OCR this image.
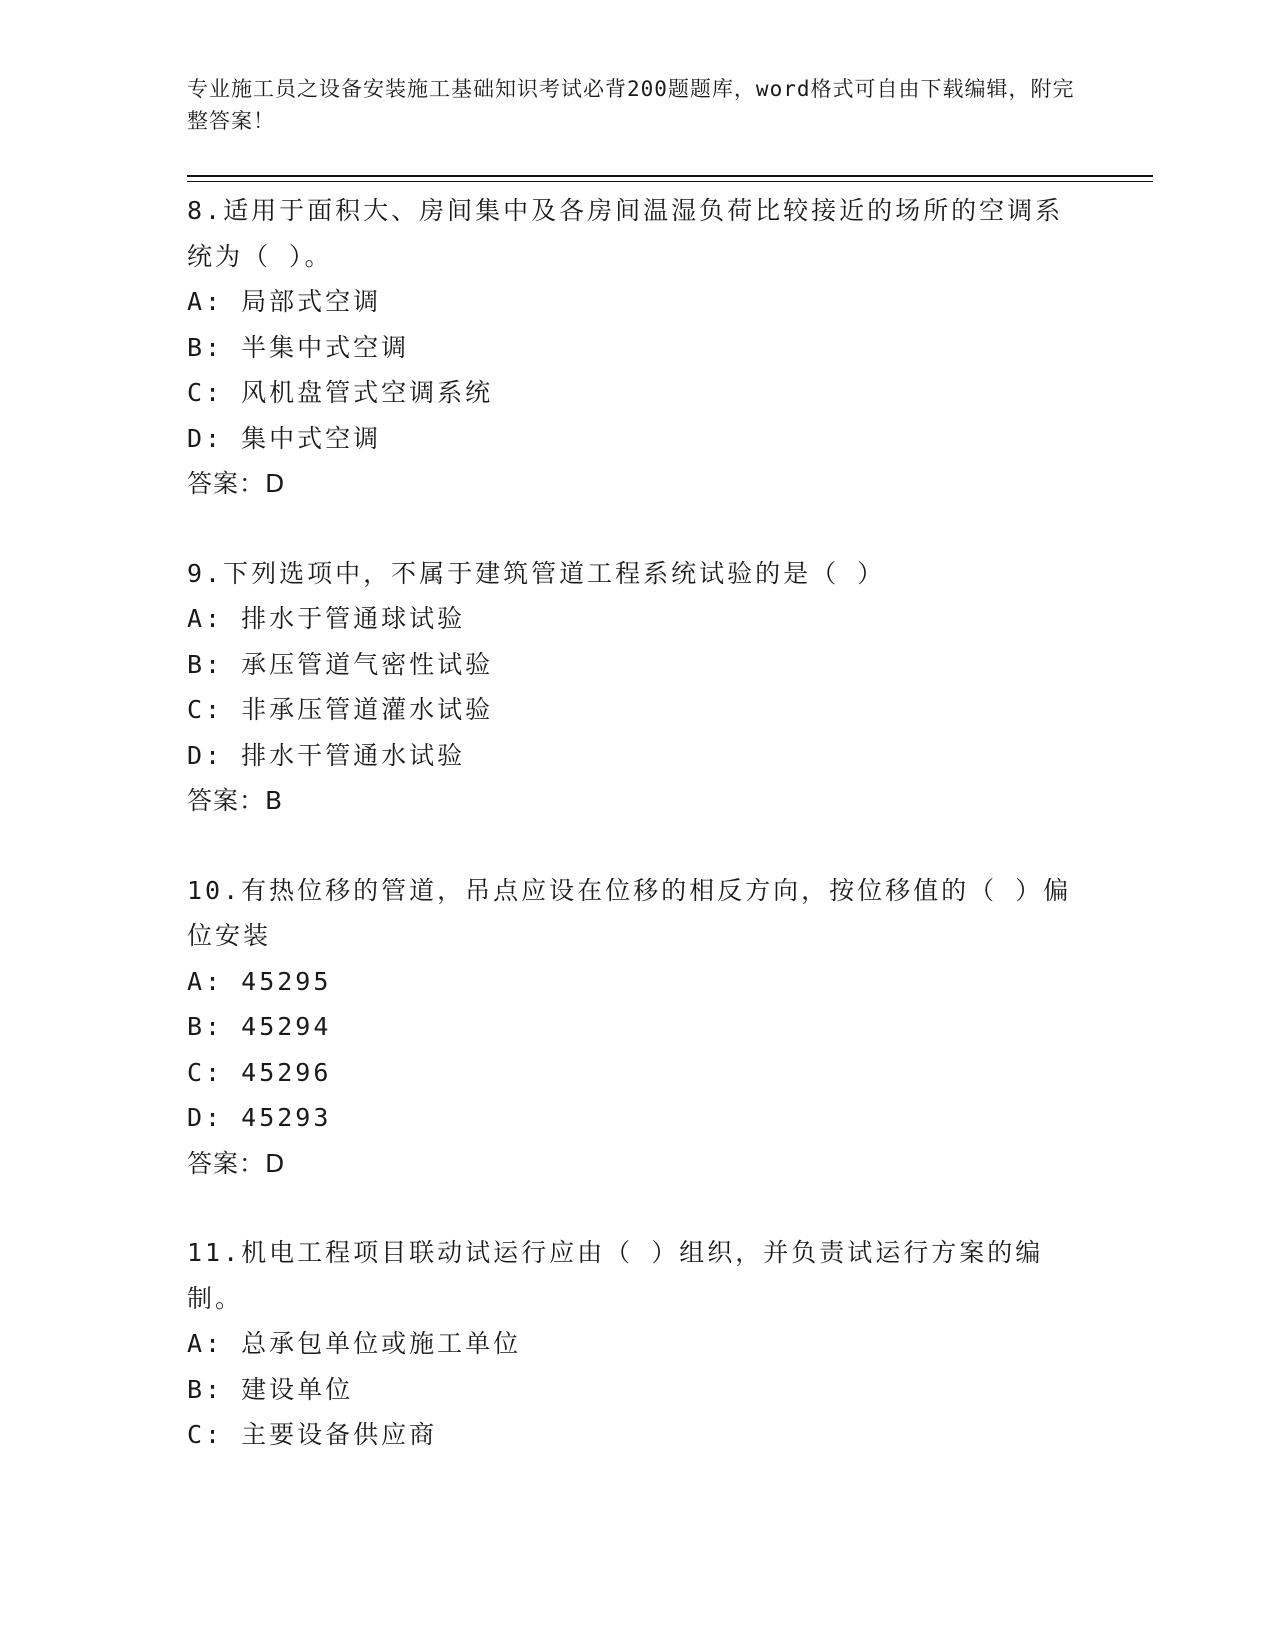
专业施工员之设备安装施工基础知识考试必背200题题库，word格式可自由下载编辑，附完整答案！
8.适用于面积大、房间集中及各房间温湿负荷比较接近的场所的空调系统为（ ）。
A: 局部式空调
B: 半集中式空调
C: 风机盘管式空调系统
D: 集中式空调
答案：D
9.下列选项中，不属于建筑管道工程系统试验的是（ ）
A: 排水于管通球试验
B: 承压管道气密性试验
C: 非承压管道灌水试验
D: 排水干管通水试验
答案：B
10.有热位移的管道，吊点应设在位移的相反方向，按位移值的（ ）偏位安装
A: 45295
B: 45294
C: 45296
D: 45293
答案：D
11.机电工程项目联动试运行应由（ ）组织，并负责试运行方案的编制。
A: 总承包单位或施工单位
B: 建设单位
C: 主要设备供应商
